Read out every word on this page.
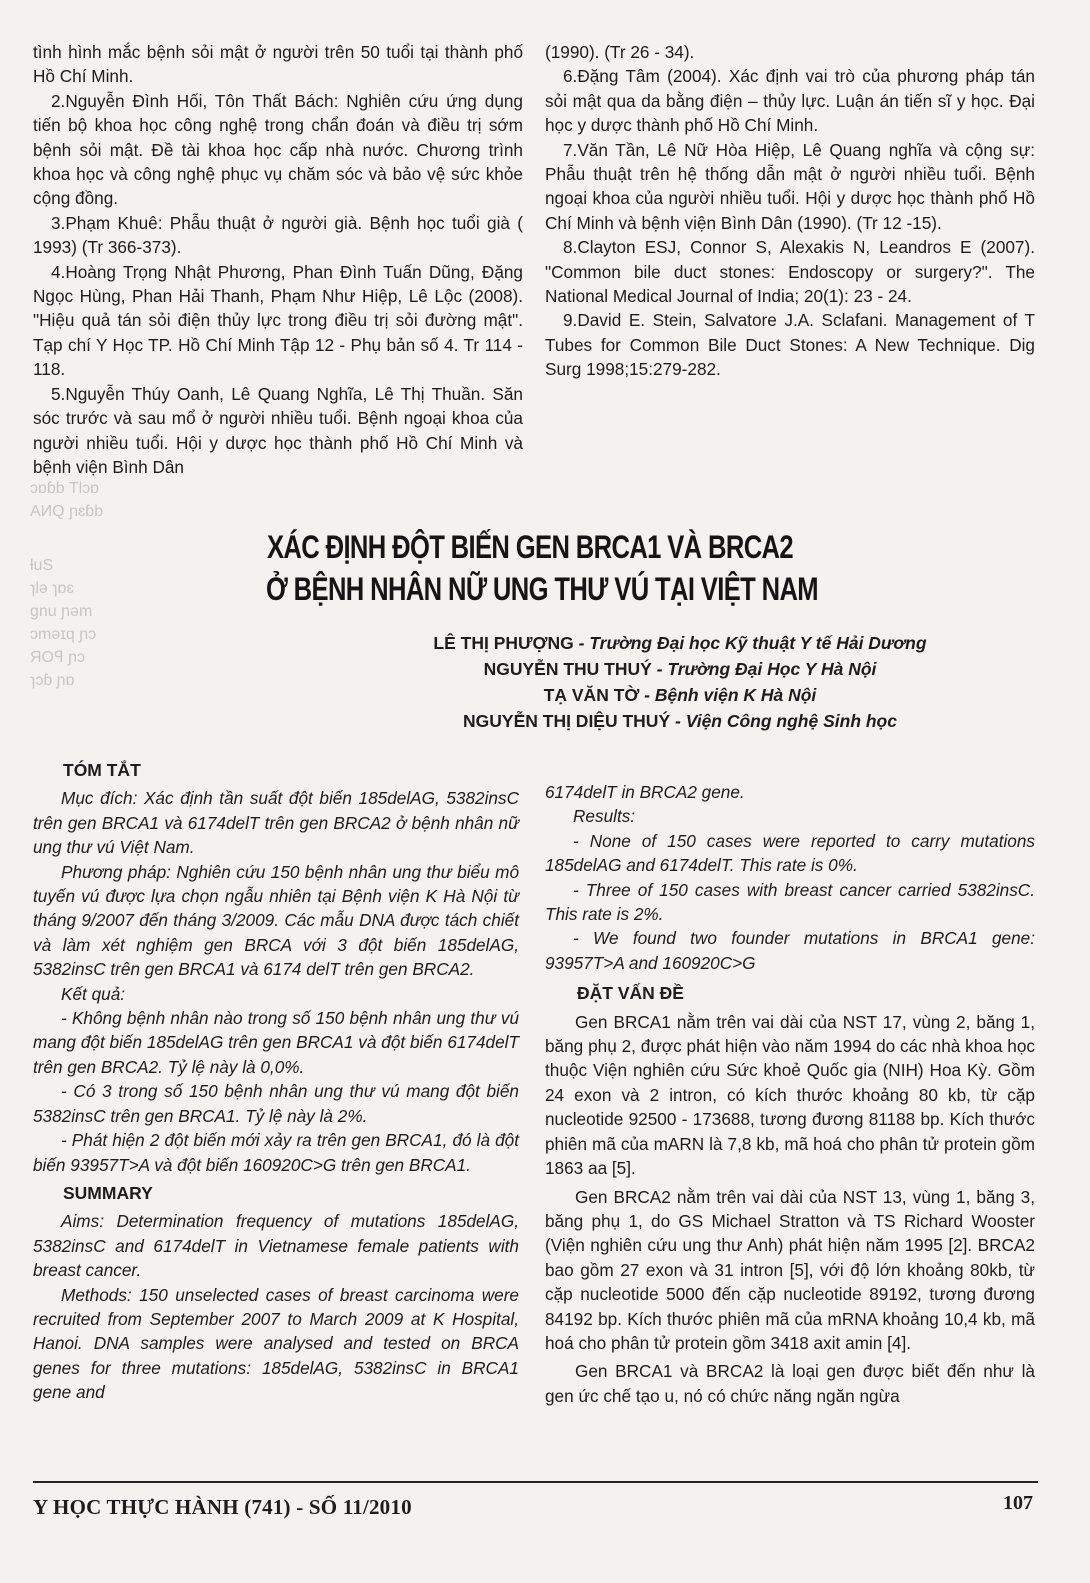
ɔɒɓb Tlɔɒ
AИQ ɲɛɓb
ƚuS
ɿlǝ ɿɒɛ
gnu ɲǝm
ɔmǝɪq ɲɔ
ЯOꟼ ɲɔ
ɿɔɓ ɲɒ

tình hình mắc bệnh sỏi mật ở người trên 50 tuổi tại thành phố Hồ Chí Minh.

2.Nguyễn Đình Hối, Tôn Thất Bách: Nghiên cứu ứng dụng tiến bộ khoa học công nghệ trong chẩn đoán và điều trị sớm bệnh sỏi mật. Đề tài khoa học cấp nhà nước. Chương trình khoa học và công nghệ phục vụ chăm sóc và bảo vệ sức khỏe cộng đồng.

3.Phạm Khuê: Phẫu thuật ở người già. Bệnh học tuổi già ( 1993) (Tr 366-373).

4.Hoàng Trọng Nhật Phương, Phan Đình Tuấn Dũng, Đặng Ngọc Hùng, Phan Hải Thanh, Phạm Như Hiệp, Lê Lộc (2008). "Hiệu quả tán sỏi điện thủy lực trong điều trị sỏi đường mật". Tạp chí Y Học TP. Hồ Chí Minh Tập 12 - Phụ bản số 4. Tr 114 - 118.

5.Nguyễn Thúy Oanh, Lê Quang Nghĩa, Lê Thị Thuần. Săn sóc trước và sau mổ ở người nhiều tuổi. Bệnh ngoại khoa của người nhiều tuổi. Hội y dược học thành phố Hồ Chí Minh và bệnh viện Bình Dân

(1990). (Tr 26 - 34).

6.Đặng Tâm (2004). Xác định vai trò của phương pháp tán sỏi mật qua da bằng điện – thủy lực. Luận án tiến sĩ y học. Đại học y dược thành phố Hồ Chí Minh.

7.Văn Tần, Lê Nữ Hòa Hiệp, Lê Quang nghĩa và cộng sự: Phẫu thuật trên hệ thống dẫn mật ở người nhiều tuổi. Bệnh ngoại khoa của người nhiều tuổi. Hội y dược học thành phố Hồ Chí Minh và bệnh viện Bình Dân (1990). (Tr 12 -15).

8.Clayton ESJ, Connor S, Alexakis N, Leandros E (2007). "Common bile duct stones: Endoscopy or surgery?". The National Medical Journal of India; 20(1): 23 - 24.

9.David E. Stein, Salvatore J.A. Sclafani. Management of T Tubes for Common Bile Duct Stones: A New Technique. Dig Surg 1998;15:279-282.

XÁC ĐỊNH ĐỘT BIẾN GEN BRCA1 VÀ BRCA2
Ở BỆNH NHÂN NỮ UNG THƯ VÚ TẠI VIỆT NAM
LÊ THỊ PHƯỢNG - Trường Đại học Kỹ thuật Y tế Hải Dương
NGUYỄN THU THUÝ - Trường Đại Học Y Hà Nội
TẠ VĂN TỜ - Bệnh viện K Hà Nội
NGUYỄN THỊ DIỆU THUÝ - Viện Công nghệ Sinh học
TÓM TẮT

Mục đích: Xác định tần suất đột biến 185delAG, 5382insC trên gen BRCA1 và 6174delT trên gen BRCA2 ở bệnh nhân nữ ung thư vú Việt Nam.

Phương pháp: Nghiên cứu 150 bệnh nhân ung thư biểu mô tuyến vú được lựa chọn ngẫu nhiên tại Bệnh viện K Hà Nội từ tháng 9/2007 đến tháng 3/2009. Các mẫu DNA được tách chiết và làm xét nghiệm gen BRCA với 3 đột biến 185delAG, 5382insC trên gen BRCA1 và 6174 delT trên gen BRCA2.

Kết quả:

- Không bệnh nhân nào trong số 150 bệnh nhân ung thư vú mang đột biến 185delAG trên gen BRCA1 và đột biến 6174delT trên gen BRCA2. Tỷ lệ này là 0,0%.

- Có 3 trong số 150 bệnh nhân ung thư vú mang đột biến 5382insC trên gen BRCA1. Tỷ lệ này là 2%.

- Phát hiện 2 đột biến mới xảy ra trên gen BRCA1, đó là đột biến 93957T>A và đột biến 160920C>G trên gen BRCA1.

SUMMARY

Aims: Determination frequency of mutations 185delAG, 5382insC and 6174delT in Vietnamese female patients with breast cancer.

Methods: 150 unselected cases of breast carcinoma were recruited from September 2007 to March 2009 at K Hospital, Hanoi. DNA samples were analysed and tested on BRCA genes for three mutations: 185delAG, 5382insC in BRCA1 gene and

6174delT in BRCA2 gene.

Results:

- None of 150 cases were reported to carry mutations 185delAG and 6174delT. This rate is 0%.

- Three of 150 cases with breast cancer carried 5382insC. This rate is 2%.

- We found two founder mutations in BRCA1 gene: 93957T>A and 160920C>G

ĐẶT VẤN ĐỀ

Gen BRCA1 nằm trên vai dài của NST 17, vùng 2, băng 1, băng phụ 2, được phát hiện vào năm 1994 do các nhà khoa học thuộc Viện nghiên cứu Sức khoẻ Quốc gia (NIH) Hoa Kỳ. Gồm 24 exon và 2 intron, có kích thước khoảng 80 kb, từ cặp nucleotide 92500 - 173688, tương đương 81188 bp. Kích thước phiên mã của mARN là 7,8 kb, mã hoá cho phân tử protein gồm 1863 aa [5].

Gen BRCA2 nằm trên vai dài của NST 13, vùng 1, băng 3, băng phụ 1, do GS Michael Stratton và TS Richard Wooster (Viện nghiên cứu ung thư Anh) phát hiện năm 1995 [2]. BRCA2 bao gồm 27 exon và 31 intron [5], với độ lớn khoảng 80kb, từ cặp nucleotide 5000 đến cặp nucleotide 89192, tương đương 84192 bp. Kích thước phiên mã của mRNA khoảng 10,4 kb, mã hoá cho phân tử protein gồm 3418 axit amin [4].

Gen BRCA1 và BRCA2 là loại gen được biết đến như là gen ức chế tạo u, nó có chức năng ngăn ngừa

Y HỌC THỰC HÀNH (741) - SỐ 11/2010	107
